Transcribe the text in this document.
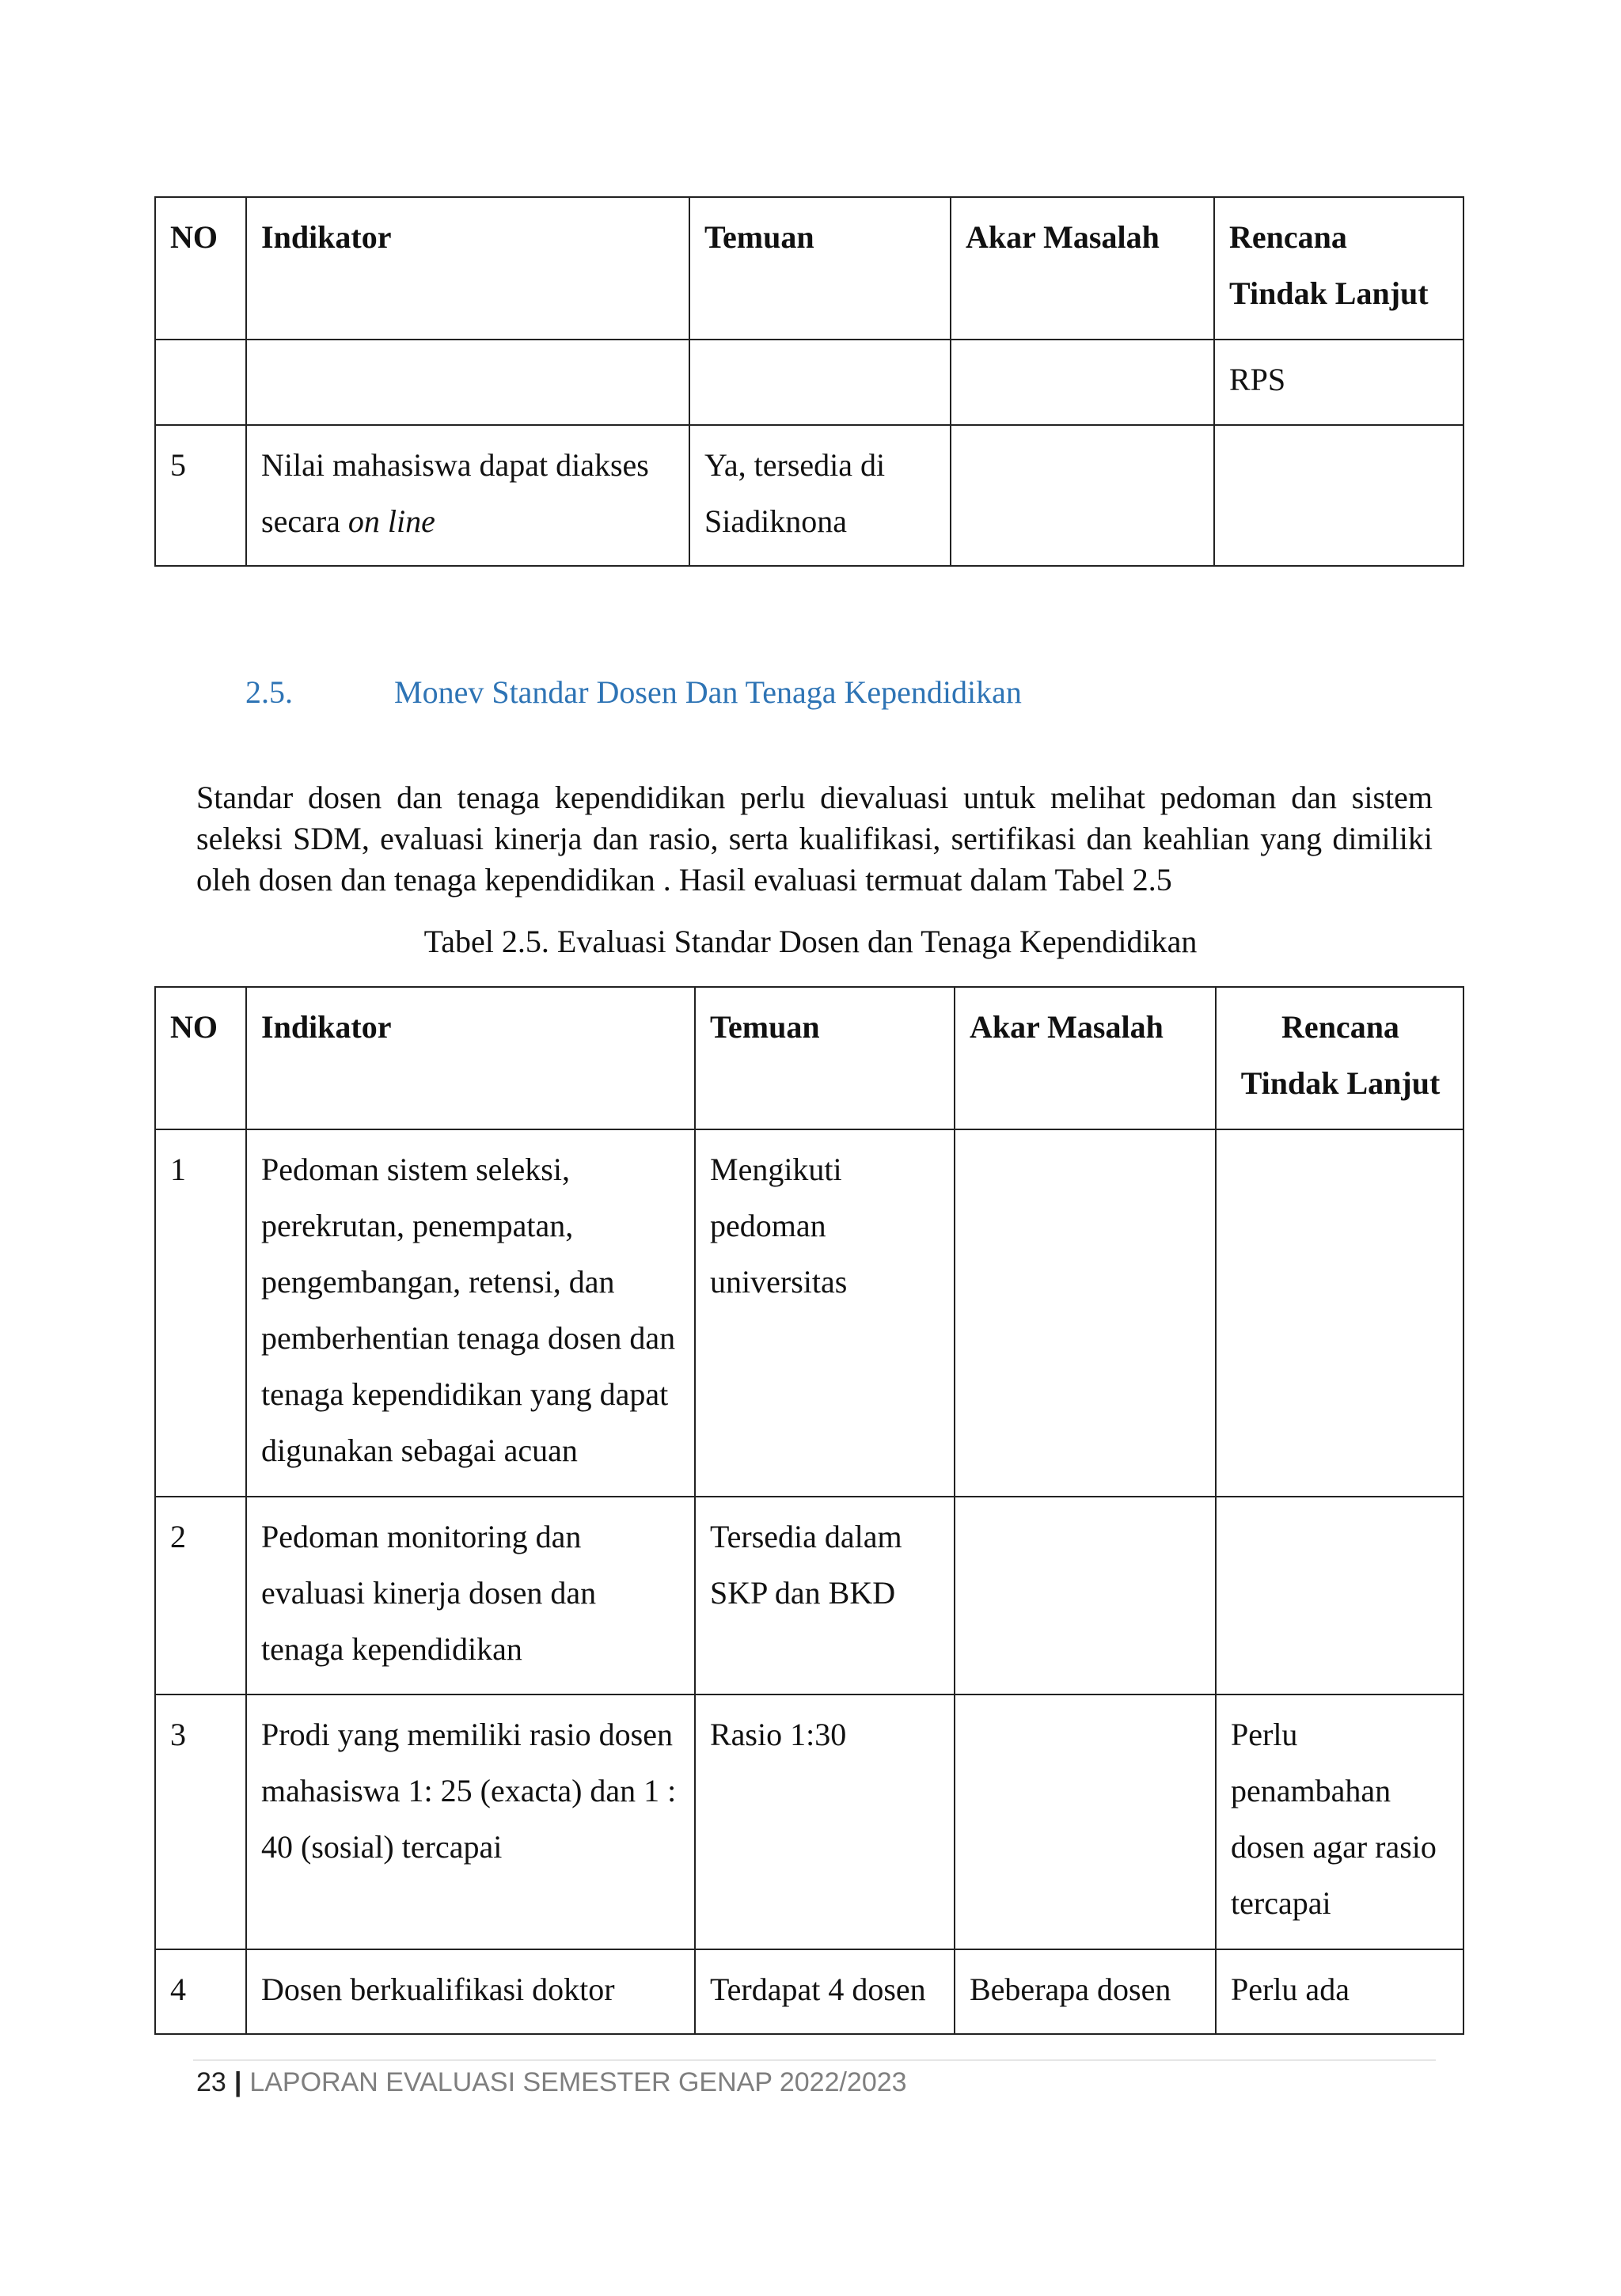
NO	Indikator	Temuan	Akar Masalah	Rencana Tindak Lanjut
				RPS
5	Nilai mahasiswa dapat diakses secara on line	Ya, tersedia di Siadiknona		
2.5.	Monev Standar Dosen Dan Tenaga Kependidikan
Standar dosen dan tenaga kependidikan perlu dievaluasi untuk melihat pedoman dan sistem seleksi SDM, evaluasi kinerja dan rasio, serta kualifikasi, sertifikasi dan keahlian yang dimiliki oleh dosen dan tenaga kependidikan . Hasil evaluasi termuat dalam Tabel 2.5
Tabel 2.5. Evaluasi Standar Dosen dan Tenaga Kependidikan
NO	Indikator	Temuan	Akar Masalah	Rencana Tindak Lanjut
1	Pedoman sistem seleksi, perekrutan, penempatan, pengembangan, retensi, dan pemberhentian tenaga dosen dan tenaga kependidikan yang dapat digunakan sebagai acuan	Mengikuti pedoman universitas		
2	Pedoman monitoring dan evaluasi kinerja dosen dan tenaga kependidikan	Tersedia dalam SKP dan BKD		
3	Prodi yang memiliki rasio dosen mahasiswa 1: 25 (exacta) dan 1 : 40 (sosial) tercapai	Rasio 1:30		Perlu penambahan dosen agar rasio tercapai
4	Dosen berkualifikasi doktor	Terdapat 4 dosen	Beberapa dosen	Perlu ada
23 | LAPORAN EVALUASI SEMESTER GENAP 2022/2023
